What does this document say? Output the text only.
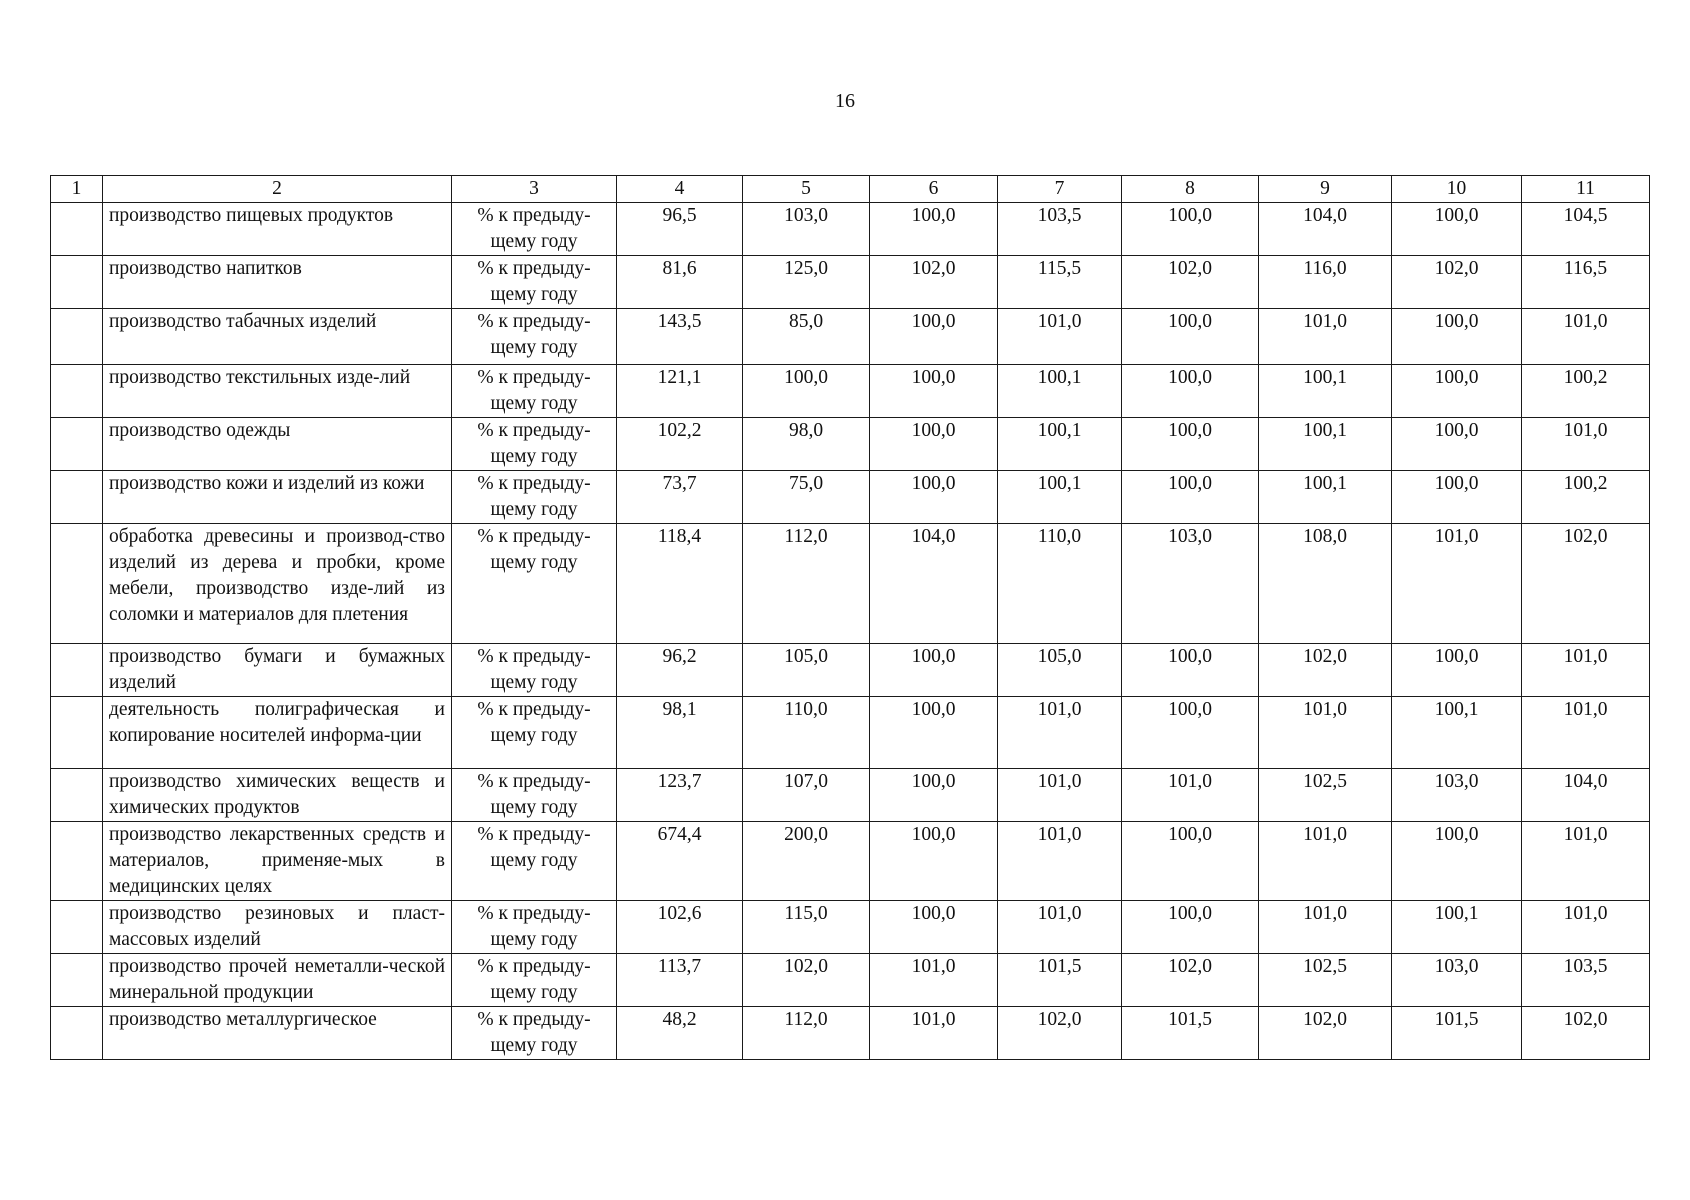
16
1	2	3	4	5	6	7	8	9	10	11
	производство пищевых продуктов	% к предыду-щему году	96,5	103,0	100,0	103,5	100,0	104,0	100,0	104,5
	производство напитков	% к предыду-щему году	81,6	125,0	102,0	115,5	102,0	116,0	102,0	116,5
	производство табачных изделий	% к предыду-щему году	143,5	85,0	100,0	101,0	100,0	101,0	100,0	101,0
	производство текстильных изде-лий	% к предыду-щему году	121,1	100,0	100,0	100,1	100,0	100,1	100,0	100,2
	производство одежды	% к предыду-щему году	102,2	98,0	100,0	100,1	100,0	100,1	100,0	101,0
	производство кожи и изделий из кожи	% к предыду-щему году	73,7	75,0	100,0	100,1	100,0	100,1	100,0	100,2
	обработка древесины и производ-ство изделий из дерева и пробки, кроме мебели, производство изде-лий из соломки и материалов для плетения	% к предыду-щему году	118,4	112,0	104,0	110,0	103,0	108,0	101,0	102,0
	производство бумаги и бумажных изделий	% к предыду-щему году	96,2	105,0	100,0	105,0	100,0	102,0	100,0	101,0
	деятельность полиграфическая и копирование носителей информа-ции	% к предыду-щему году	98,1	110,0	100,0	101,0	100,0	101,0	100,1	101,0
	производство химических веществ и химических продуктов	% к предыду-щему году	123,7	107,0	100,0	101,0	101,0	102,5	103,0	104,0
	производство лекарственных средств и материалов, применяе-мых в медицинских целях	% к предыду-щему году	674,4	200,0	100,0	101,0	100,0	101,0	100,0	101,0
	производство резиновых и пласт-массовых изделий	% к предыду-щему году	102,6	115,0	100,0	101,0	100,0	101,0	100,1	101,0
	производство прочей неметалли-ческой минеральной продукции	% к предыду-щему году	113,7	102,0	101,0	101,5	102,0	102,5	103,0	103,5
	производство металлургическое	% к предыду-щему году	48,2	112,0	101,0	102,0	101,5	102,0	101,5	102,0
